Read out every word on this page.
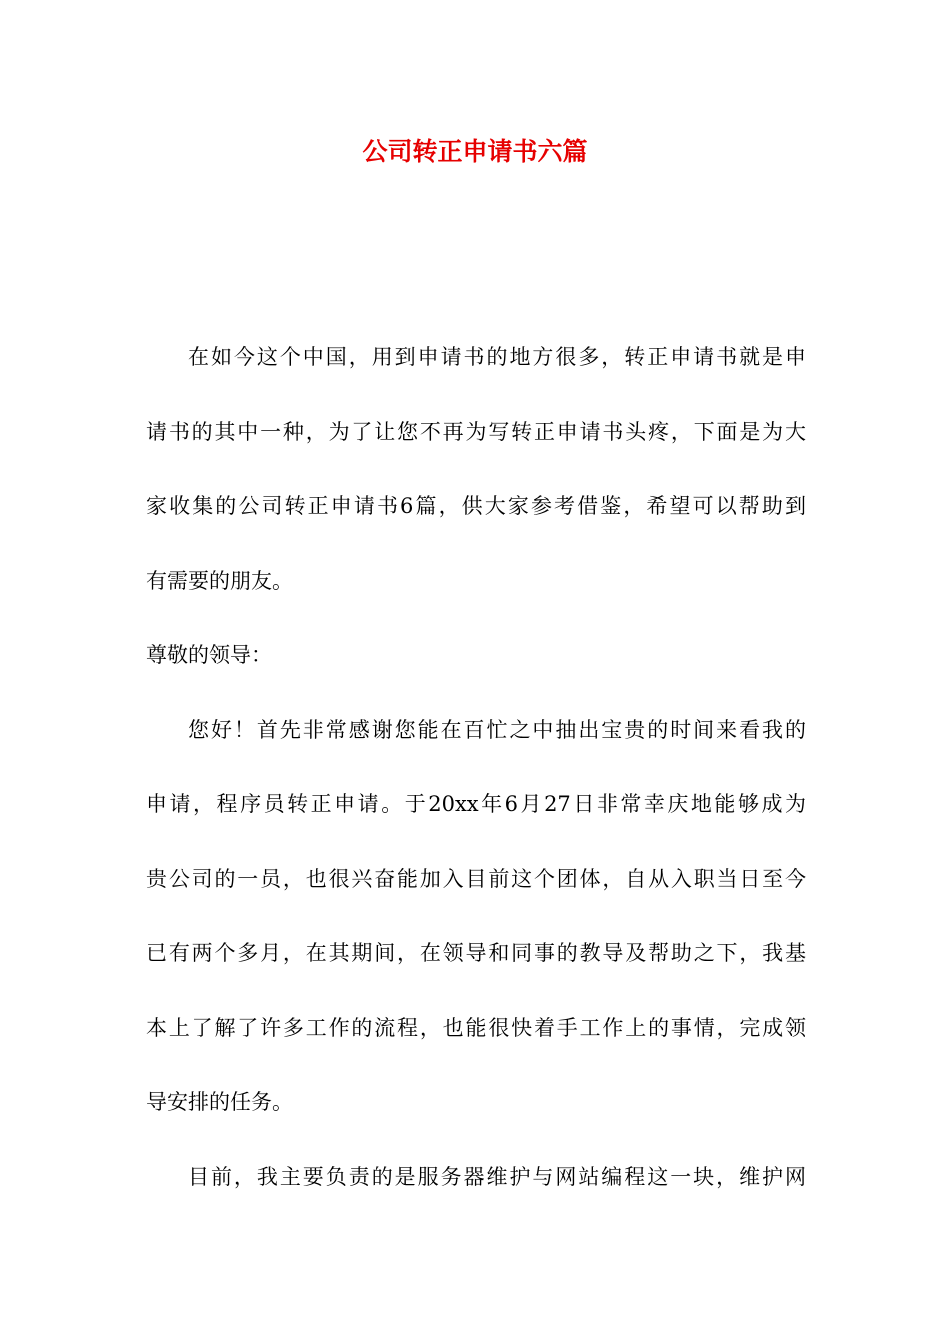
公司转正申请书六篇
在如今这个中国，用到申请书的地方很多，转正申请书就是申
请书的其中一种，为了让您不再为写转正申请书头疼，下面是为大
家收集的公司转正申请书6篇，供大家参考借鉴，希望可以帮助到
有需要的朋友。
尊敬的领导：
您好！首先非常感谢您能在百忙之中抽出宝贵的时间来看我的
申请，程序员转正申请。于20xx年6月27日非常幸庆地能够成为
贵公司的一员，也很兴奋能加入目前这个团体，自从入职当日至今
已有两个多月，在其期间，在领导和同事的教导及帮助之下，我基
本上了解了许多工作的流程，也能很快着手工作上的事情，完成领
导安排的任务。
目前，我主要负责的是服务器维护与网站编程这一块，维护网
